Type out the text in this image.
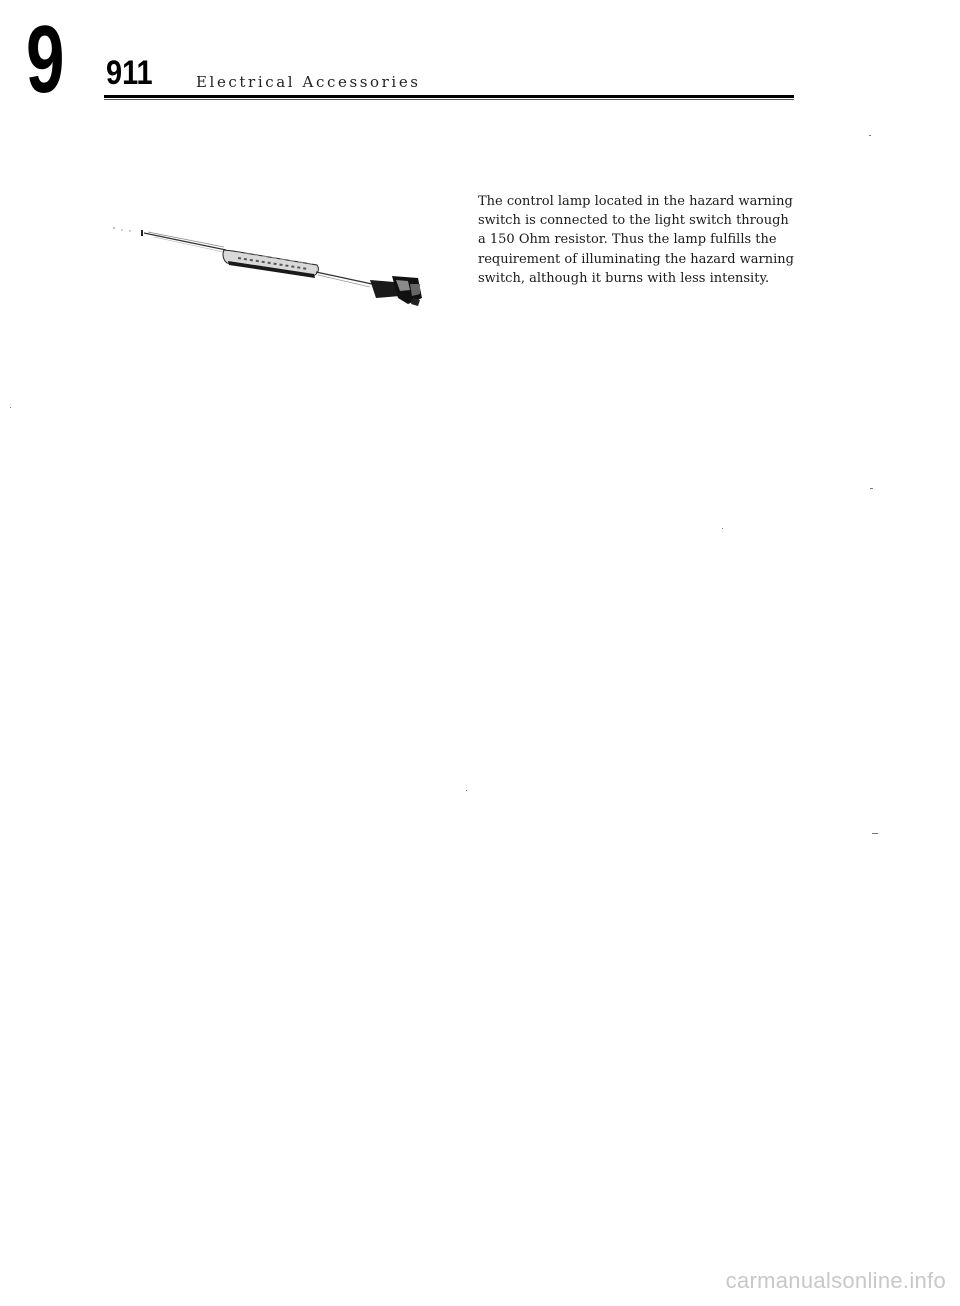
9 911	Electrical Accessories
The control lamp located in the hazard warning
switch is connected to the light switch through
a 150 Ohm resistor. Thus the lamp fulfills the
requirement of illuminating the hazard warning
switch, although it burns with less intensity.
carmanualsonline.info
